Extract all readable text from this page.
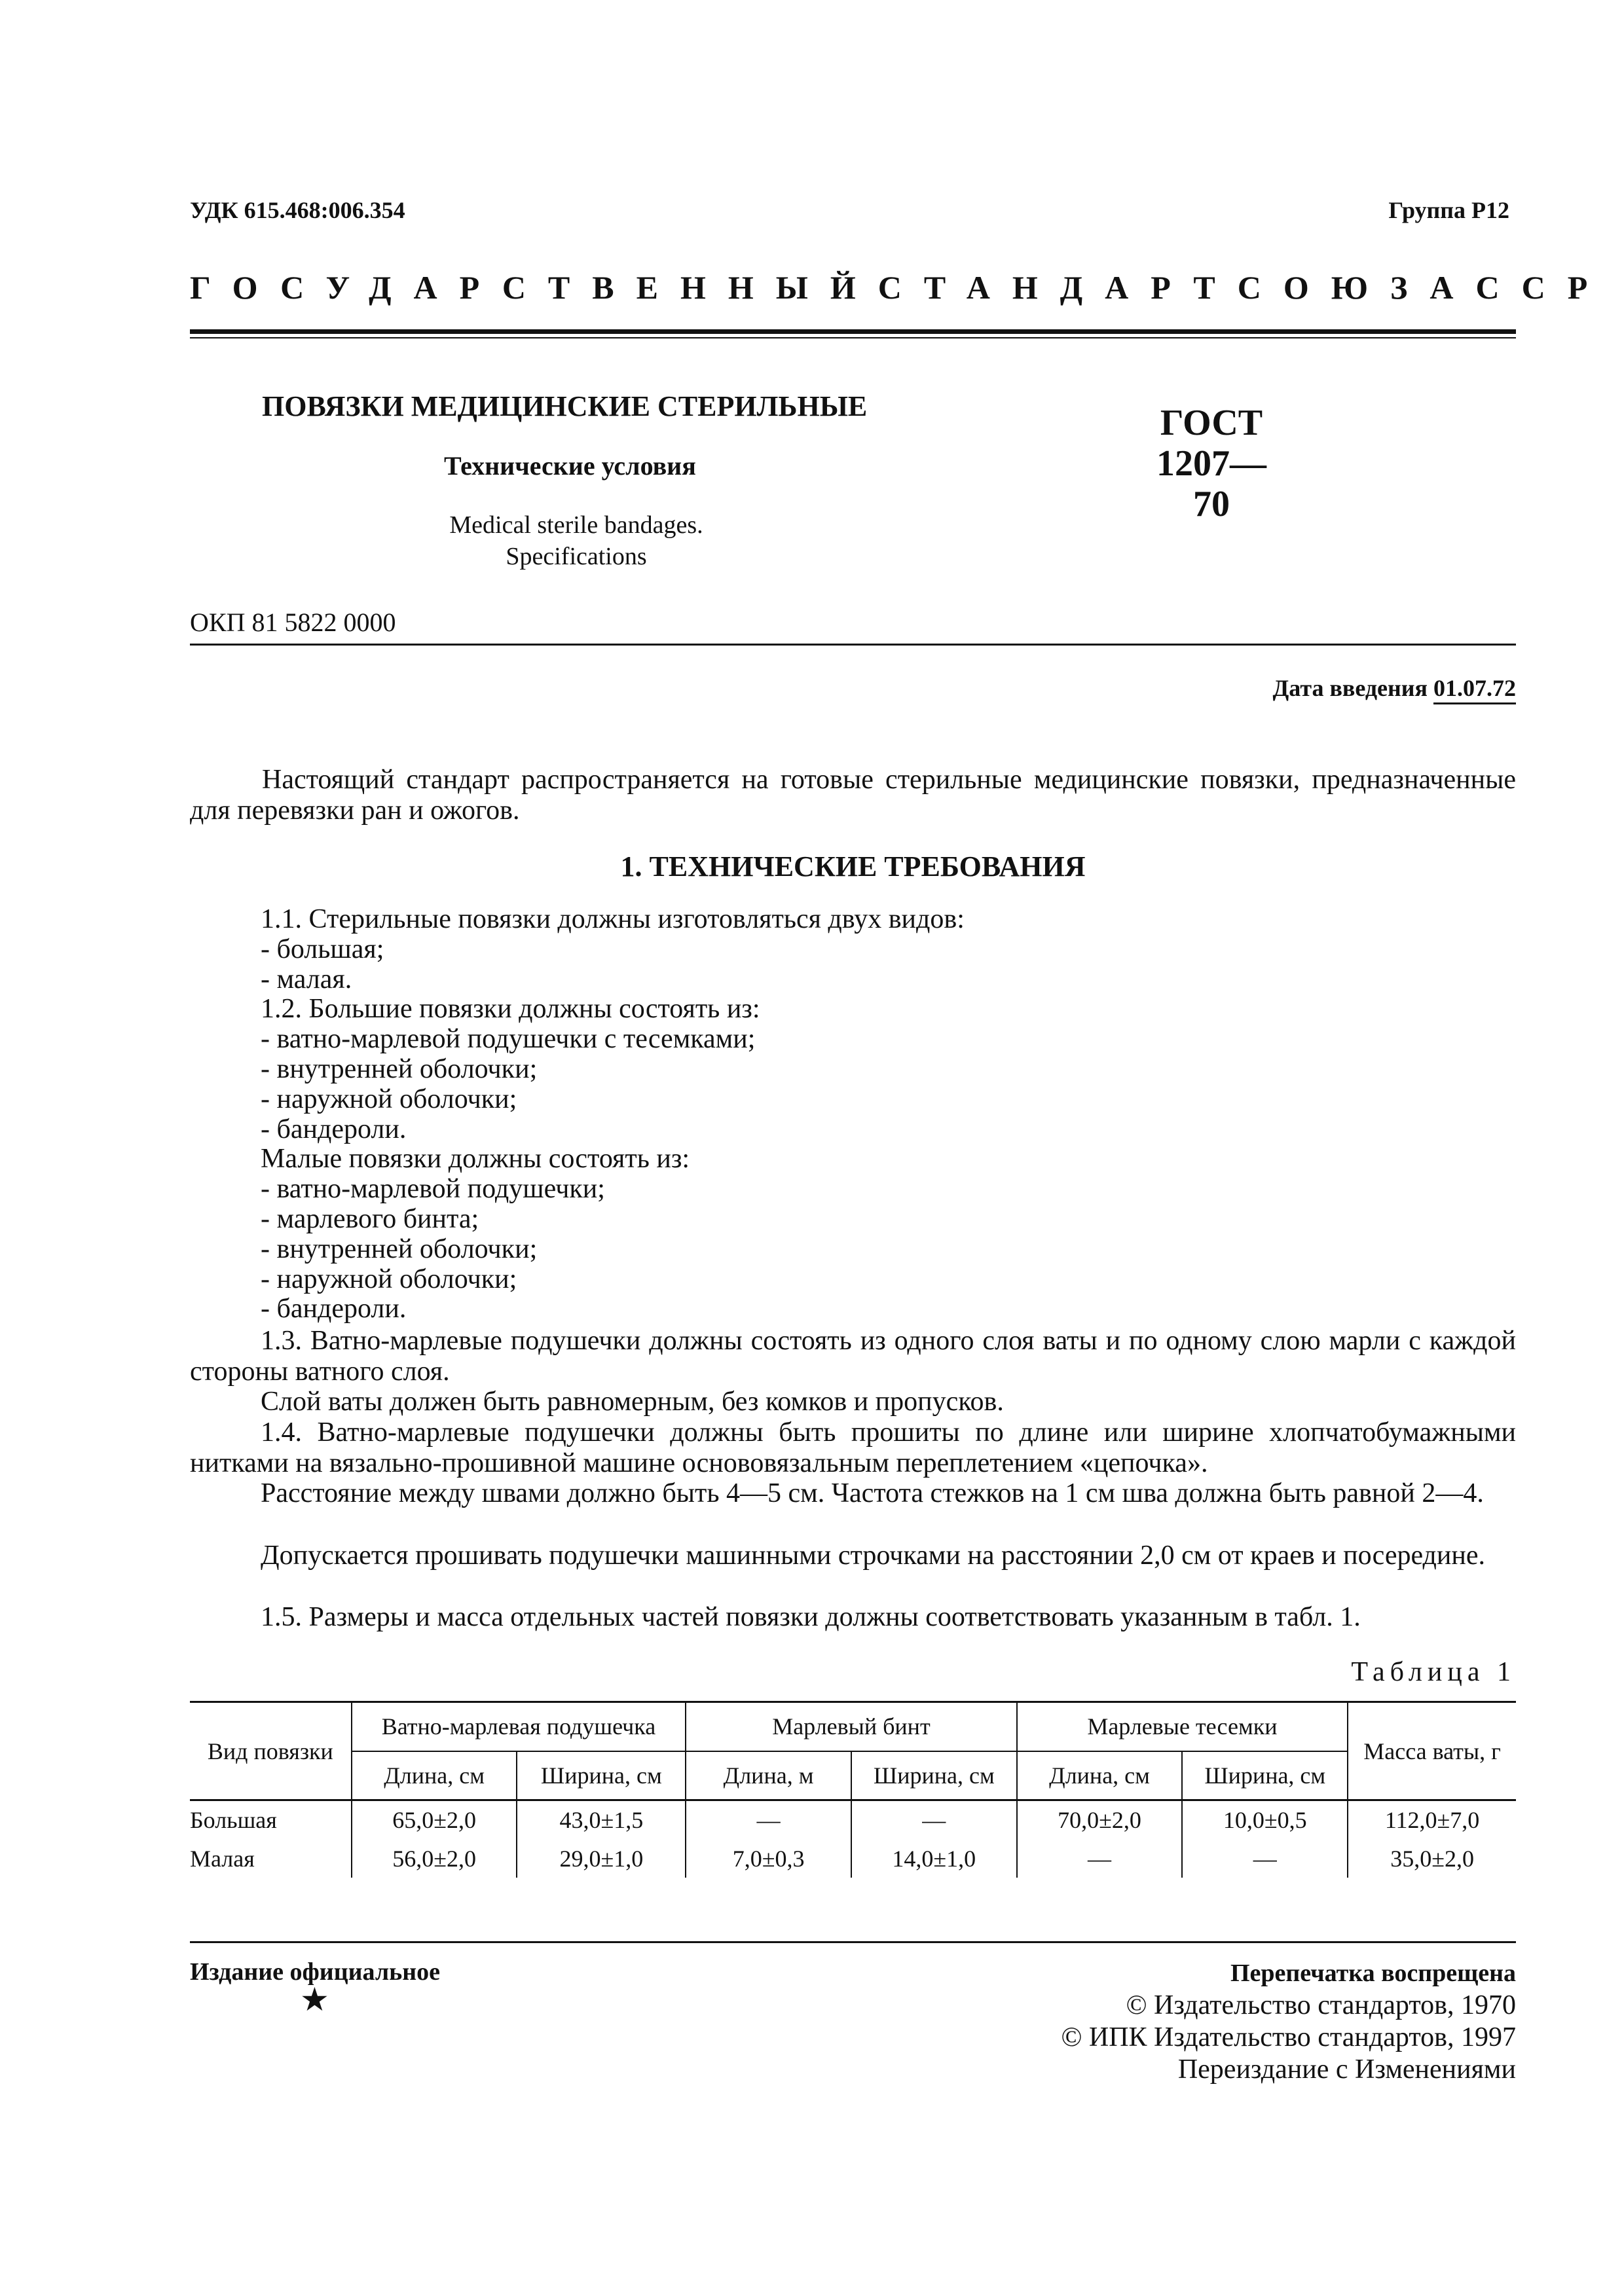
УДК 615.468:006.354	Группа Р12
ГОСУДАРСТВЕННЫЙ СТАНДАРТ СОЮЗА ССР
ПОВЯЗКИ МЕДИЦИНСКИЕ СТЕРИЛЬНЫЕ
Технические условия
ГОСТ
1207—70
Medical sterile bandages.
Specifications
ОКП 81 5822 0000
Дата введения 01.07.72
Настоящий стандарт распространяется на готовые стерильные медицинские повязки, предназначенные для перевязки ран и ожогов.
1. ТЕХНИЧЕСКИЕ ТРЕБОВАНИЯ
1.1. Стерильные повязки должны изготовляться двух видов:
- большая;
- малая.
1.2. Большие повязки должны состоять из:
- ватно-марлевой подушечки с тесемками;
- внутренней оболочки;
- наружной оболочки;
- бандероли.
Малые повязки должны состоять из:
- ватно-марлевой подушечки;
- марлевого бинта;
- внутренней оболочки;
- наружной оболочки;
- бандероли.
1.3. Ватно-марлевые подушечки должны состоять из одного слоя ваты и по одному слою марли с каждой стороны ватного слоя.
Слой ваты должен быть равномерным, без комков и пропусков.
1.4. Ватно-марлевые подушечки должны быть прошиты по длине или ширине хлопчатобумажными нитками на вязально-прошивной машине основовязальным переплетением «цепочка».
Расстояние между швами должно быть 4—5 см. Частота стежков на 1 см шва должна быть равной 2—4.
Допускается прошивать подушечки машинными строчками на расстоянии 2,0 см от краев и посередине.
1.5. Размеры и масса отдельных частей повязки должны соответствовать указанным в табл. 1.
Таблица 1
Вид повязки	Ватно-марлевая подушечка		Марлевый бинт		Марлевые тесемки		Масса ваты, г
	Длина, см	Ширина, см	Длина, м	Ширина, см	Длина, см	Ширина, см	
Большая	65,0±2,0	43,0±1,5	—	—	70,0±2,0	10,0±0,5	112,0±7,0
Малая	56,0±2,0	29,0±1,0	7,0±0,3	14,0±1,0	—	—	35,0±2,0
Издание официальное
★
Перепечатка воспрещена
© Издательство стандартов, 1970
© ИПК Издательство стандартов, 1997
Переиздание с Изменениями
